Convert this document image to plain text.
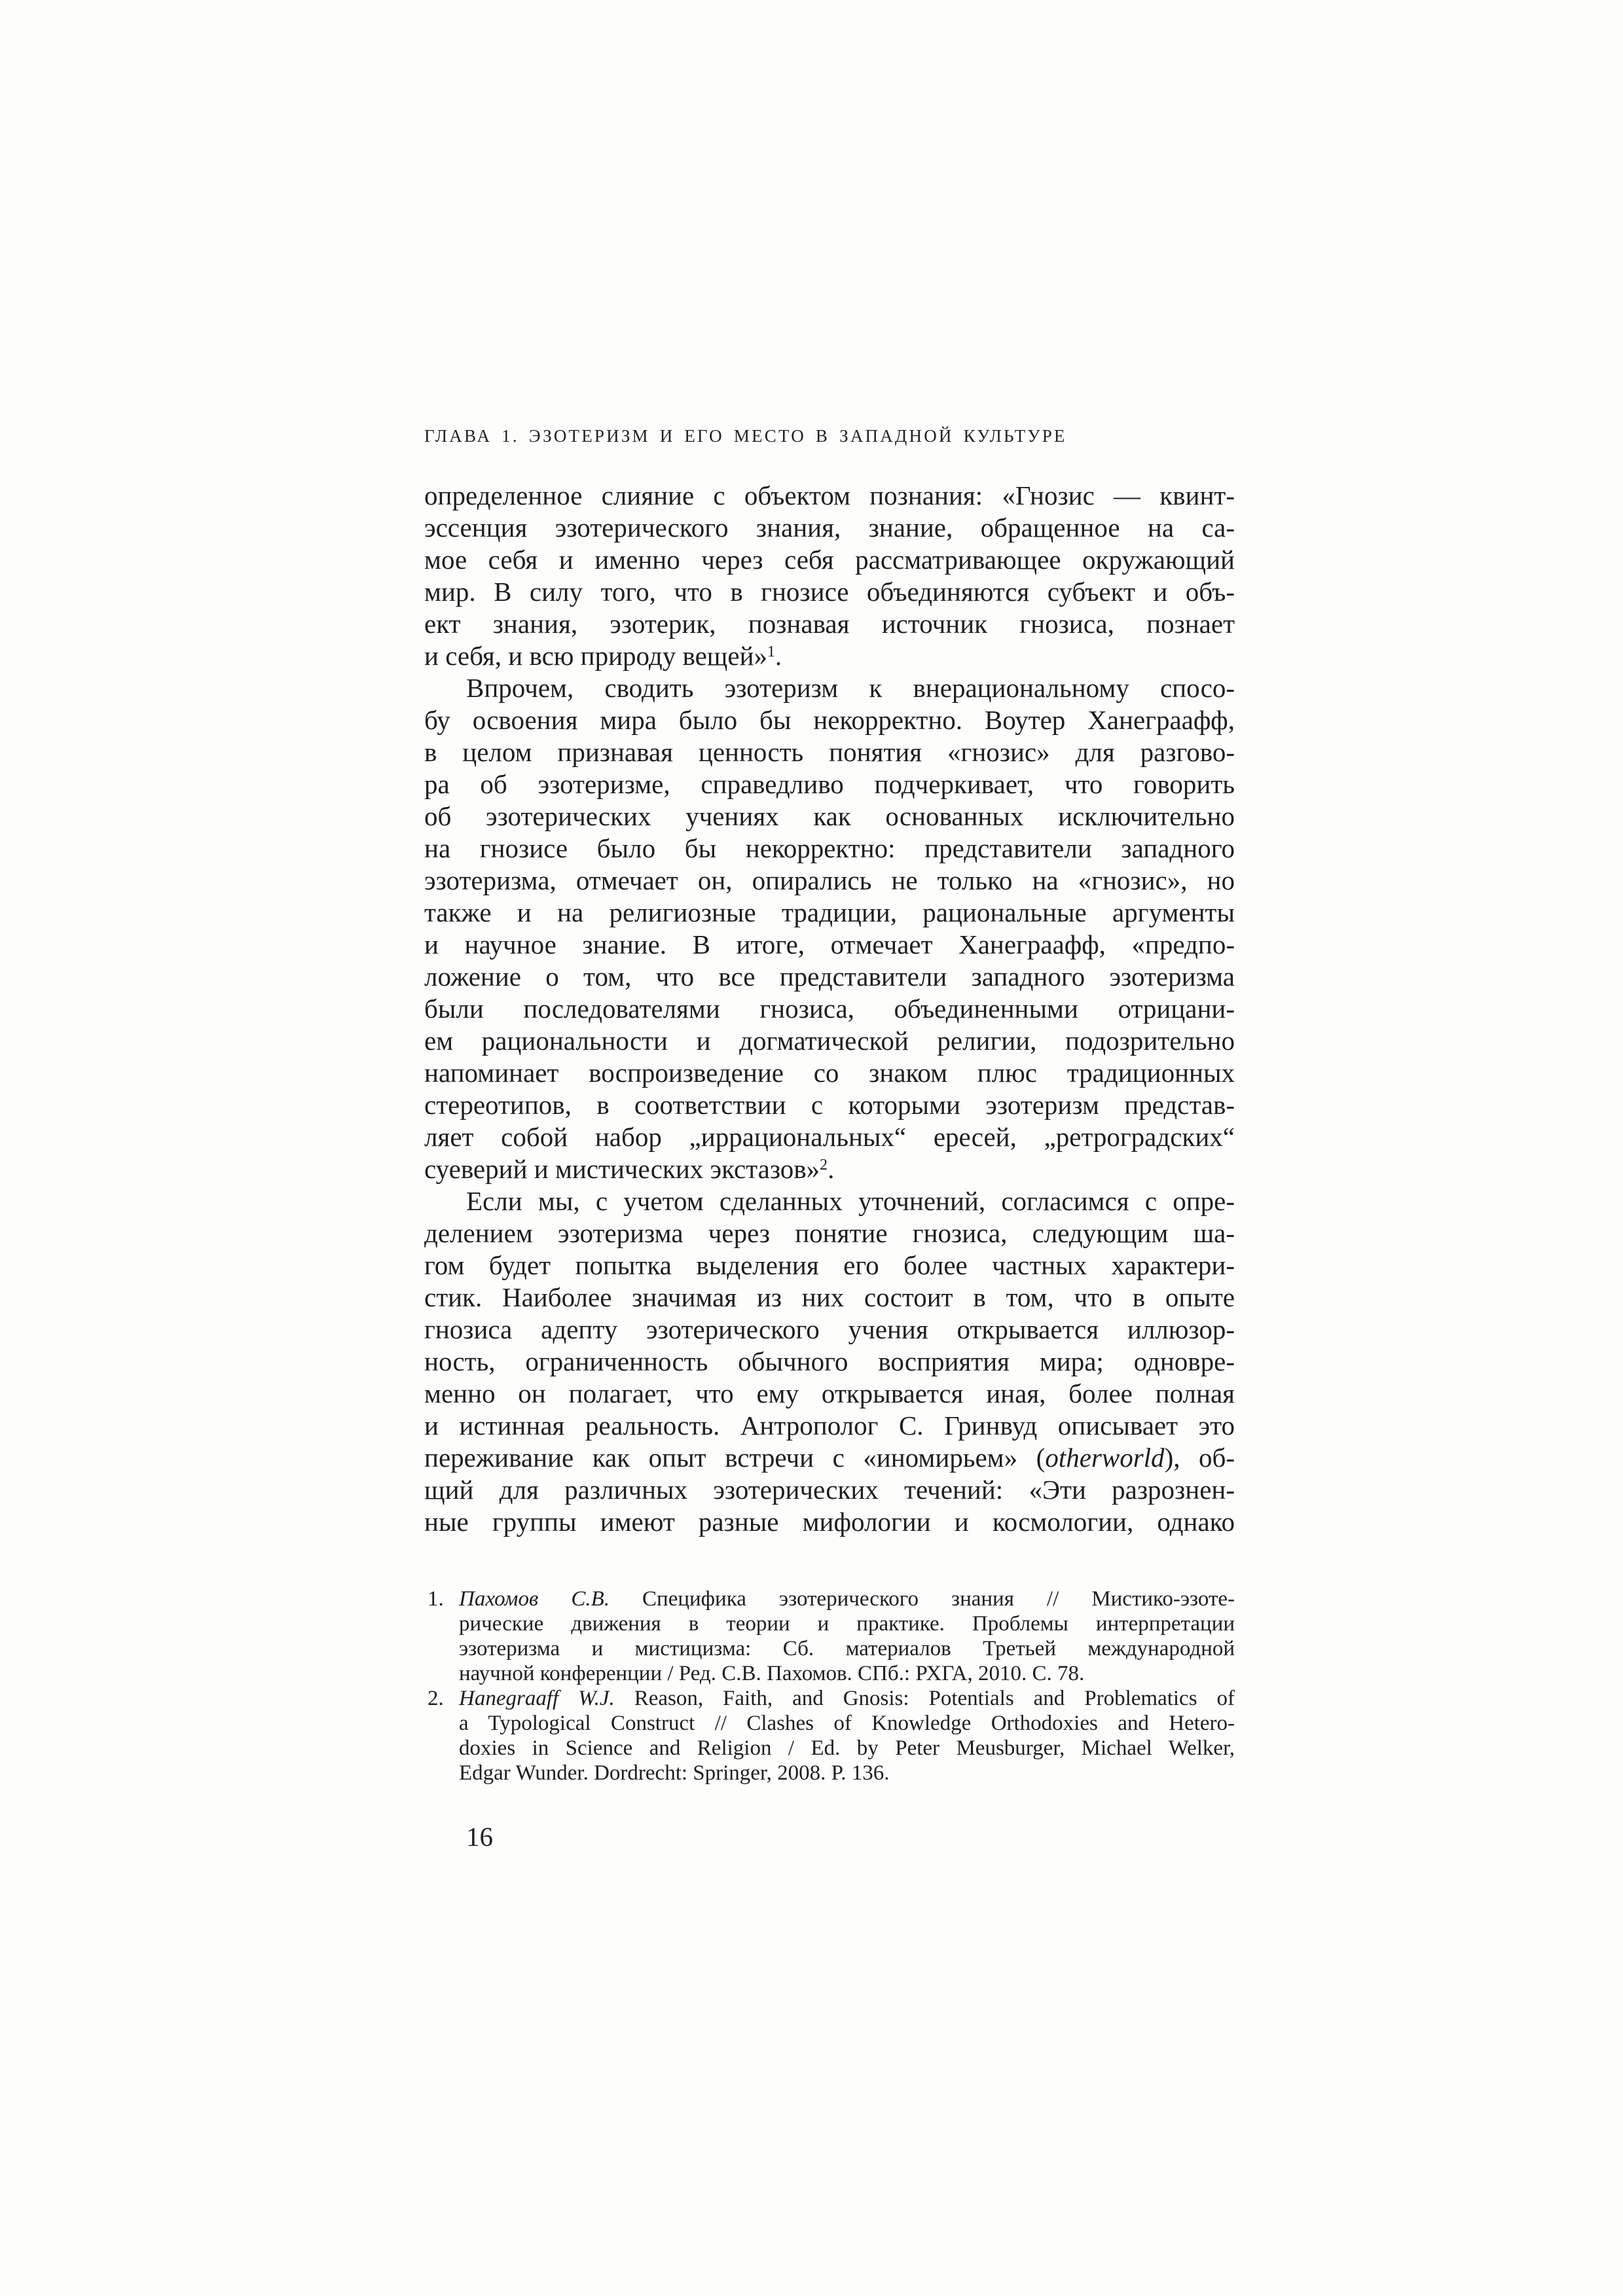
ГЛАВА 1. ЭЗОТЕРИЗМ И ЕГО МЕСТО В ЗАПАДНОЙ КУЛЬТУРЕ
определенное слияние с объектом познания: «Гнозис — квинт-
эссенция эзотерического знания, знание, обращенное на са-
мое себя и именно через себя рассматривающее окружающий
мир. В силу того, что в гнозисе объединяются субъект и объ-
ект знания, эзотерик, познавая источник гнозиса, познает
и себя, и всю природу вещей»$^1$.
Впрочем, сводить эзотеризм к внерациональному спосо-
бу освоения мира было бы некорректно. Воутер Ханеграафф,
в целом признавая ценность понятия «гнозис» для разгово-
ра об эзотеризме, справедливо подчеркивает, что говорить
об эзотерических учениях как основанных исключительно
на гнозисе было бы некорректно: представители западного
эзотеризма, отмечает он, опирались не только на «гнозис», но
также и на религиозные традиции, рациональные аргументы
и научное знание. В итоге, отмечает Ханеграафф, «предпо-
ложение о том, что все представители западного эзотеризма
были последователями гнозиса, объединенными отрицани-
ем рациональности и догматической религии, подозрительно
напоминает воспроизведение со знаком плюс традиционных
стереотипов, в соответствии с которыми эзотеризм представ-
ляет собой набор „иррациональных“ ересей, „ретроградских“
суеверий и мистических экстазов»$^2$.
Если мы, с учетом сделанных уточнений, согласимся с опре-
делением эзотеризма через понятие гнозиса, следующим ша-
гом будет попытка выделения его более частных характери-
стик. Наиболее значимая из них состоит в том, что в опыте
гнозиса адепту эзотерического учения открывается иллюзор-
ность, ограниченность обычного восприятия мира; одновре-
менно он полагает, что ему открывается иная, более полная
и истинная реальность. Антрополог С. Гринвуд описывает это
переживание как опыт встречи с «иномирьем» (otherworld), об-
щий для различных эзотерических течений: «Эти разрознен-
ные группы имеют разные мифологии и космологии, однако
1. Пахомов С.В. Специфика эзотерического знания // Мистико-эзоте-
рические движения в теории и практике. Проблемы интерпретации
эзотеризма и мистицизма: Сб. материалов Третьей международной
научной конференции / Ред. С.В. Пахомов. СПб.: РХГА, 2010. С. 78.
2. Hanegraaff W.J. Reason, Faith, and Gnosis: Potentials and Problematics of
a Typological Construct // Clashes of Knowledge Orthodoxies and Hetero-
doxies in Science and Religion / Ed. by Peter Meusburger, Michael Welker,
Edgar Wunder. Dordrecht: Springer, 2008. P. 136.
16
